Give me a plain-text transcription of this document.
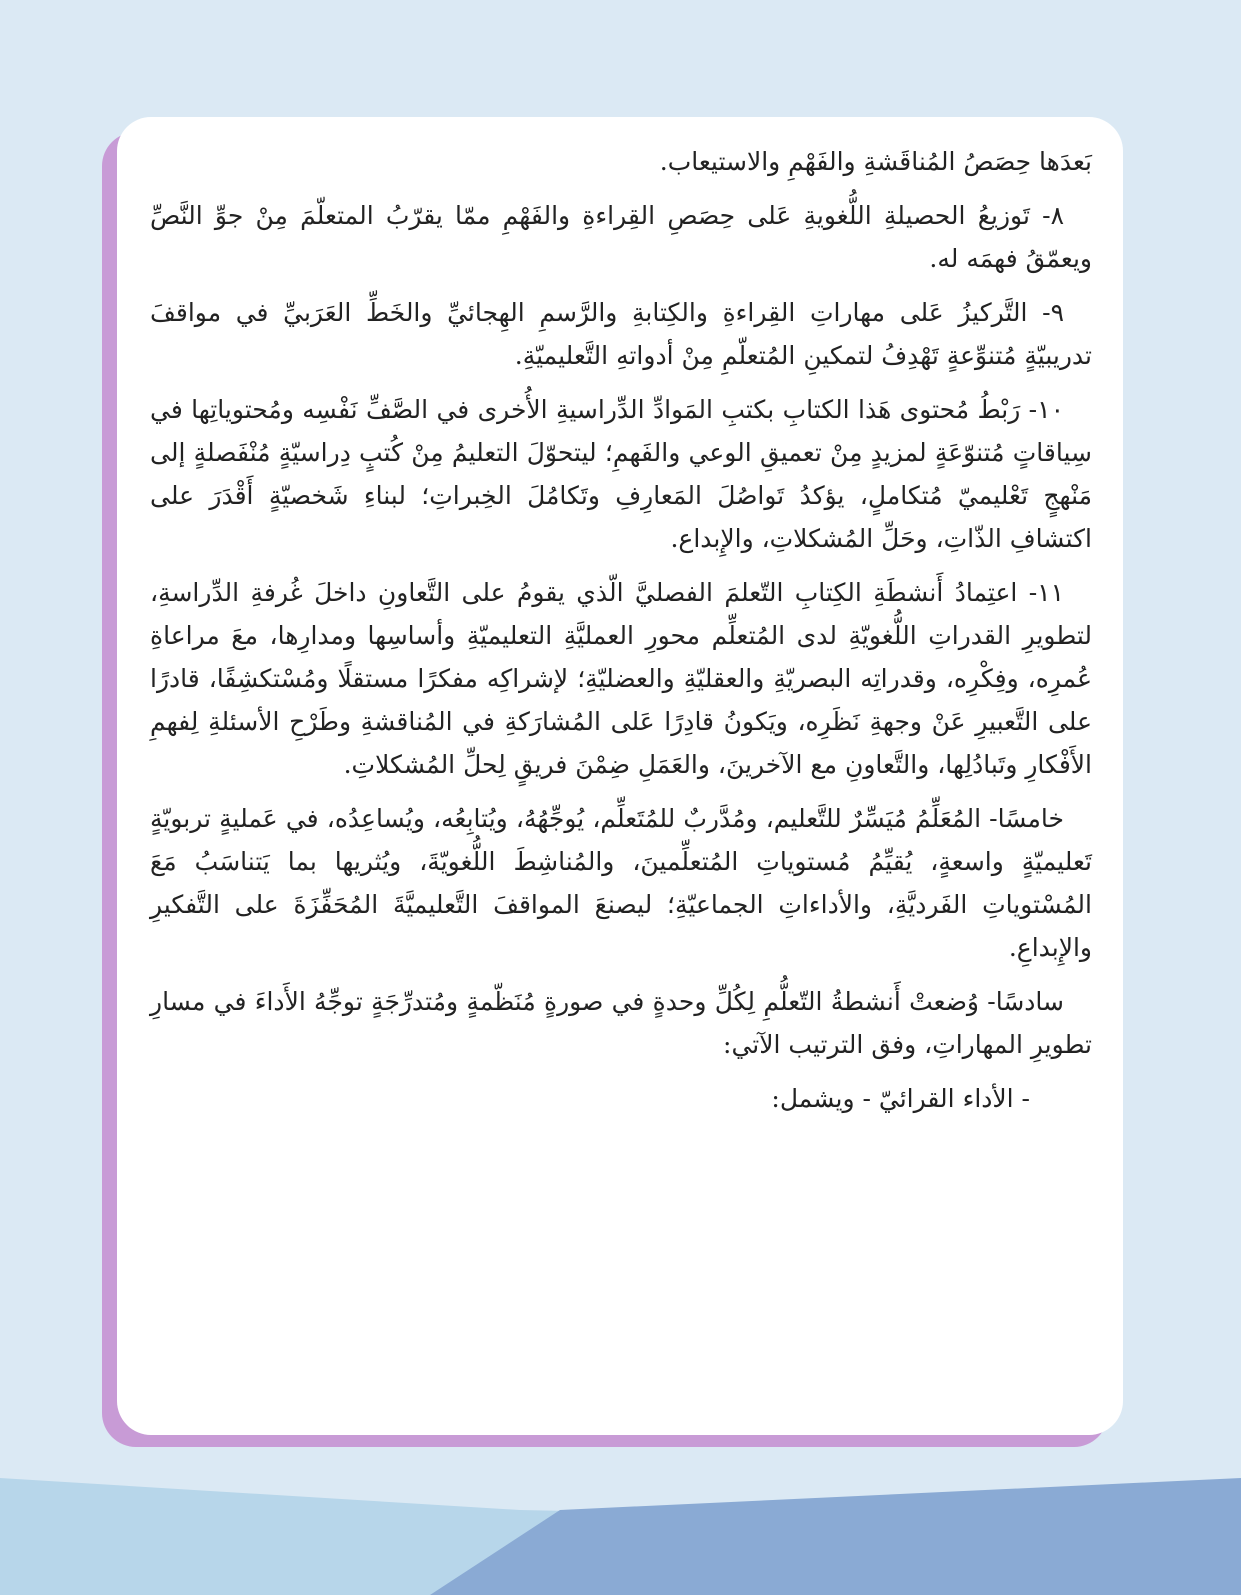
بَعدَها حِصَصُ المُناقَشةِ والفَهْمِ والاستيعاب.

٨- تَوزيعُ الحصيلةِ اللُّغويةِ عَلى حِصَصِ القِراءةِ والفَهْمِ ممّا يقرّبُ المتعلّمَ مِنْ جوِّ النَّصِّ ويعمّقُ فهمَه له.

٩- التَّركيزُ عَلى مهاراتِ القِراءةِ والكِتابةِ والرَّسمِ الهِجائيِّ والخَطِّ العَرَبيِّ في مواقفَ تدريبيّةٍ مُتنوِّعةٍ تَهْدِفُ لتمكينِ المُتعلّمِ مِنْ أدواتهِ التَّعليميّةِ.

١٠- رَبْطُ مُحتوى هَذا الكتابِ بكتبِ المَوادِّ الدِّراسيةِ الأُخرى في الصَّفِّ نَفْسِه ومُحتوياتِها في سِياقاتٍ مُتنوّعَةٍ لمزيدٍ مِنْ تعميقِ الوعي والفَهمِ؛ ليتحوّلَ التعليمُ مِنْ كُتبٍ دِراسيّةٍ مُنْفَصلةٍ إلى مَنْهجٍ تَعْليميّ مُتكاملٍ، يؤكدُ تَواصُلَ المَعارِفِ وتَكامُلَ الخِبراتِ؛ لبناءِ شَخصيّةٍ أَقْدَرَ على اكتشافِ الذّاتِ، وحَلِّ المُشكلاتِ، والإِبداع.

١١- اعتِمادُ أَنشطَةِ الكِتابِ التّعلمَ الفصليَّ الّذي يقومُ على التَّعاونِ داخلَ غُرفةِ الدِّراسةِ، لتطويرِ القدراتِ اللُّغويّةِ لدى المُتعلِّم محورِ العمليَّةِ التعليميّةِ وأساسِها ومدارِها، معَ مراعاةِ عُمرِه، وفِكْرِه، وقدراتِه البصريّةِ والعقليّةِ والعضليّةِ؛ لإشراكِه مفكرًا مستقلًا ومُسْتكشِفًا، قادرًا على التَّعبيرِ عَنْ وجهةِ نَظَرِه، ويَكونُ قادِرًا عَلى المُشارَكةِ في المُناقشةِ وطَرْحِ الأسئلةِ لِفهمِ الأَفْكارِ وتَبادُلِها، والتَّعاونِ مع الآخرينَ، والعَمَلِ ضِمْنَ فريقٍ لِحلِّ المُشكلاتِ.

خامسًا- المُعَلِّمُ مُيَسِّرٌ للتَّعليم، ومُدَّربٌ للمُتَعلِّم، يُوجِّهُهُ، ويُتابِعُه، ويُساعِدُه، في عَمليةٍ تربويّةٍ تَعليميّةٍ واسعةٍ، يُقيِّمُ مُستوياتِ المُتعلِّمينَ، والمُناشِطَ اللُّغويّةَ، ويُثريها بما يَتناسَبُ مَعَ المُسْتوياتِ الفَرديَّةِ، والأداءاتِ الجماعيّةِ؛ ليصنعَ المواقفَ التَّعليميَّةَ المُحَفِّزَةَ على التَّفكيرِ والإِبداعِ.

سادسًا- وُضعتْ أَنشطةُ التّعلُّمِ لِكُلِّ وحدةٍ في صورةٍ مُنَظّمةٍ ومُتدرِّجَةٍ توجِّهُ الأَداءَ في مسارِ تطويرِ المهاراتِ، وفق الترتيب الآتي:

- الأداء القرائيّ - ويشمل:
